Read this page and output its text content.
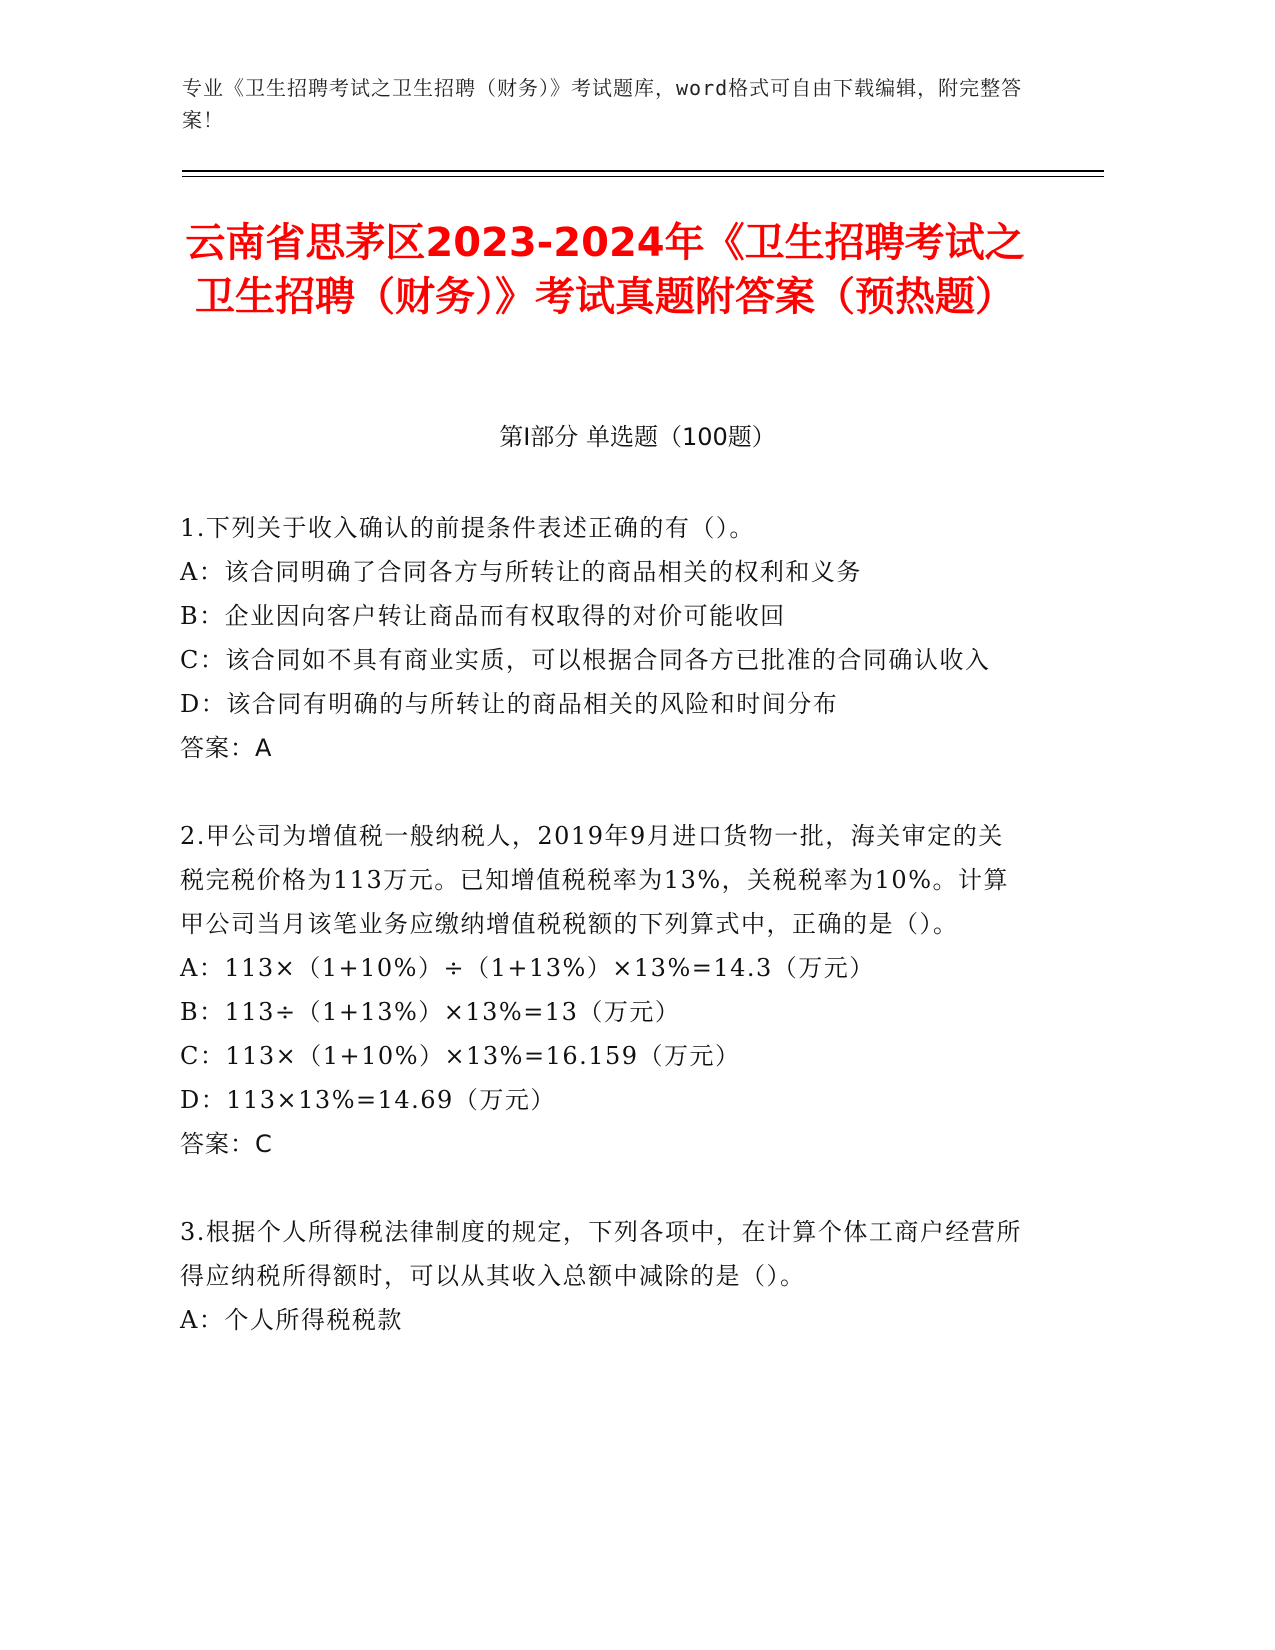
专业《卫生招聘考试之卫生招聘（财务）》考试题库，word格式可自由下载编辑，附完整答案！
云南省思茅区2023-2024年《卫生招聘考试之卫生招聘（财务）》考试真题附答案（预热题）
第Ⅰ部分 单选题（100题）
1.下列关于收入确认的前提条件表述正确的有（）。
A：该合同明确了合同各方与所转让的商品相关的权利和义务
B：企业因向客户转让商品而有权取得的对价可能收回
C：该合同如不具有商业实质，可以根据合同各方已批准的合同确认收入
D：该合同有明确的与所转让的商品相关的风险和时间分布
答案：A
2.甲公司为增值税一般纳税人，2019年9月进口货物一批，海关审定的关税完税价格为113万元。已知增值税税率为13%，关税税率为10%。计算甲公司当月该笔业务应缴纳增值税税额的下列算式中，正确的是（）。
A：113×（1+10%）÷（1+13%）×13%=14.3（万元）
B：113÷（1+13%）×13%=13（万元）
C：113×（1+10%）×13%=16.159（万元）
D：113×13%=14.69（万元）
答案：C
3.根据个人所得税法律制度的规定，下列各项中，在计算个体工商户经营所得应纳税所得额时，可以从其收入总额中减除的是（）。
A：个人所得税税款
